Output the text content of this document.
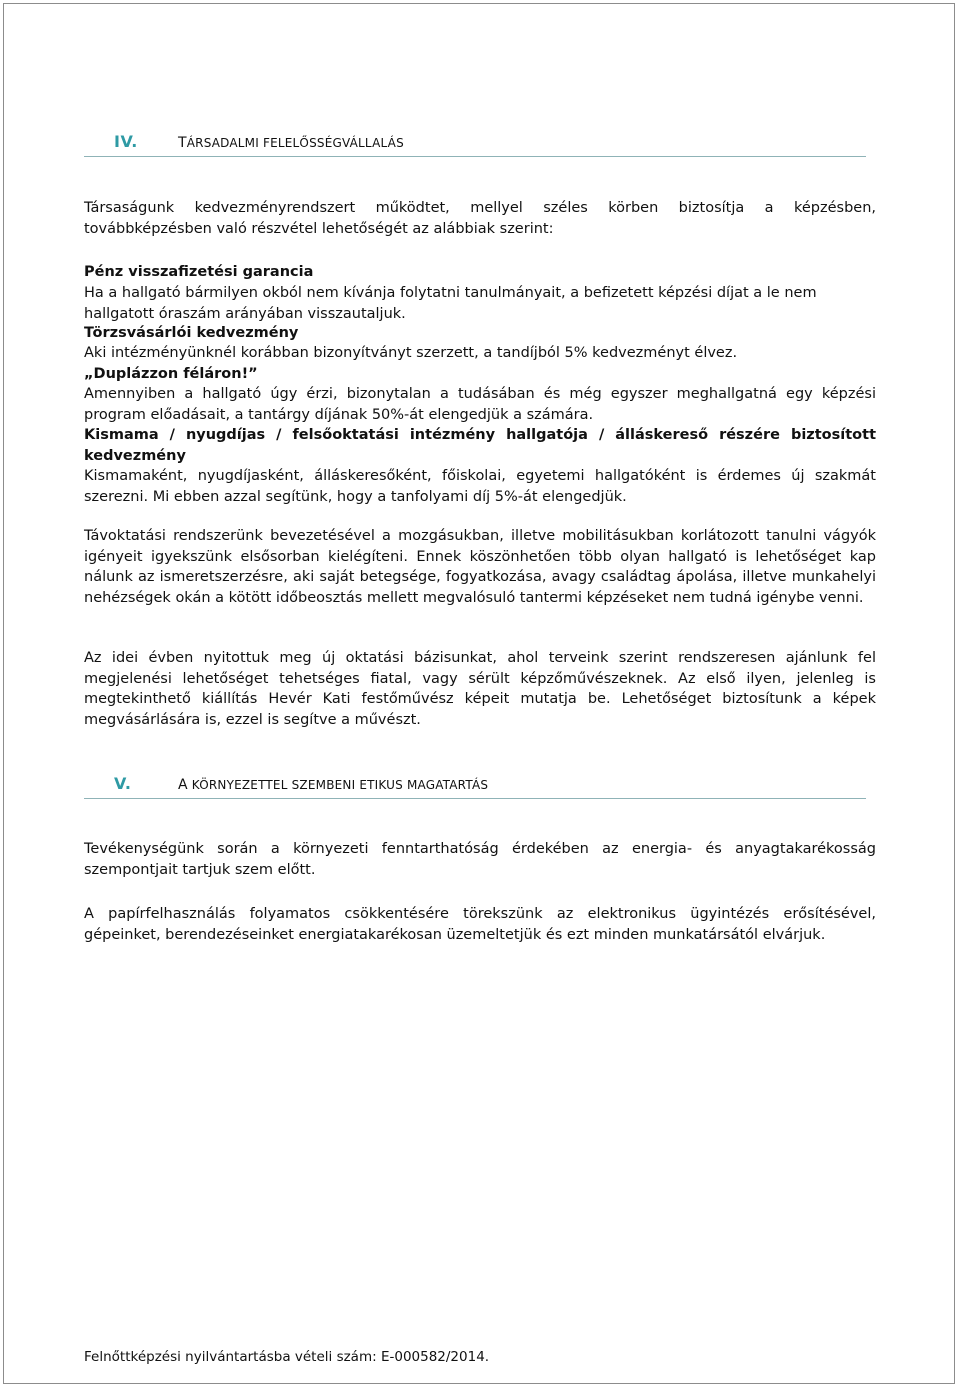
IV.	TÁRSADALMI FELELŐSSÉGVÁLLALÁS

Társaságunk kedvezményrendszert működtet, mellyel széles körben biztosítja a képzésben, továbbképzésben való részvétel lehetőségét az alábbiak szerint:

Pénz visszafizetési garancia

Ha a hallgató bármilyen okból nem kívánja folytatni tanulmányait, a befizetett képzési díjat a le nem hallgatott óraszám arányában visszautaljuk.

Törzsvásárlói kedvezmény

Aki intézményünknél korábban bizonyítványt szerzett, a tandíjból 5% kedvezményt élvez.

„Duplázzon féláron!”

Amennyiben a hallgató úgy érzi, bizonytalan a tudásában és még egyszer meghallgatná egy képzési program előadásait, a tantárgy díjának 50%-át elengedjük a számára.

Kismama / nyugdíjas / felsőoktatási intézmény hallgatója / álláskereső részére biztosított kedvezmény

Kismamaként, nyugdíjasként, álláskeresőként, főiskolai, egyetemi hallgatóként is érdemes új szakmát szerezni. Mi ebben azzal segítünk, hogy a tanfolyami díj 5%-át elengedjük.

Távoktatási rendszerünk bevezetésével a mozgásukban, illetve mobilitásukban korlátozott tanulni vágyók igényeit igyekszünk elsősorban kielégíteni. Ennek köszönhetően több olyan hallgató is lehetőséget kap nálunk az ismeretszerzésre, aki saját betegsége, fogyatkozása, avagy családtag ápolása, illetve munkahelyi nehézségek okán a kötött időbeosztás mellett megvalósuló tantermi képzéseket nem tudná igénybe venni.

Az idei évben nyitottuk meg új oktatási bázisunkat, ahol terveink szerint rendszeresen ajánlunk fel megjelenési lehetőséget tehetséges fiatal, vagy sérült képzőművészeknek. Az első ilyen, jelenleg is megtekinthető kiállítás Hevér Kati festőművész képeit mutatja be. Lehetőséget biztosítunk a képek megvásárlására is, ezzel is segítve a művészt.

V.	A KÖRNYEZETTEL SZEMBENI ETIKUS MAGATARTÁS

Tevékenységünk során a környezeti fenntarthatóság érdekében az energia- és anyagtakarékosság szempontjait tartjuk szem előtt.

A papírfelhasználás folyamatos csökkentésére törekszünk az elektronikus ügyintézés erősítésével, gépeinket, berendezéseinket energiatakarékosan üzemeltetjük és ezt minden munkatársától elvárjuk.

Felnőttképzési nyilvántartásba vételi szám: E-000582/2014.
